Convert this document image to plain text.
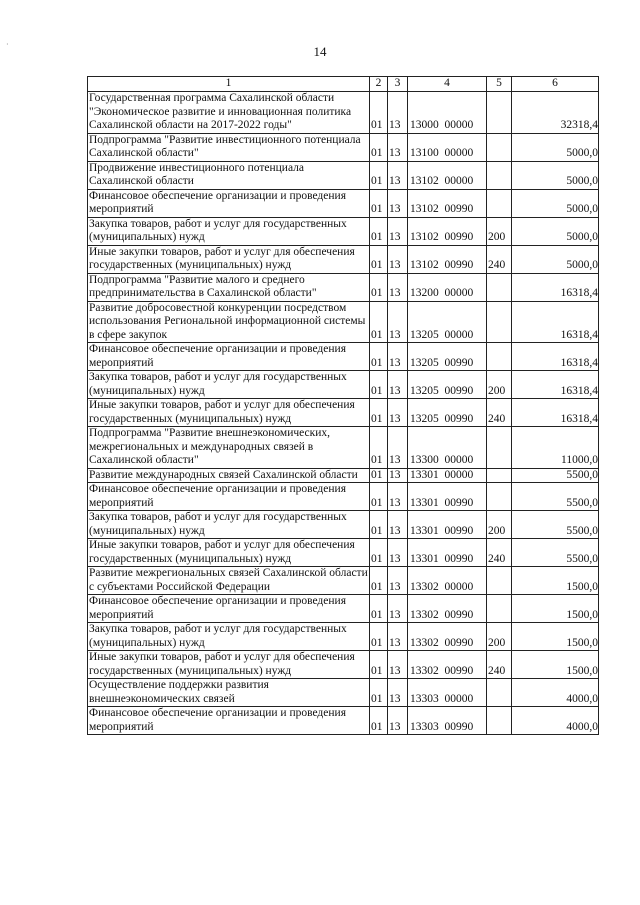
·	14
1	2	3	4	5	6
Государственная программа Сахалинской области "Экономическое развитие и инновационная политика Сахалинской области на 2017-2022 годы"	01	13	13000  00000		32318,4
Подпрограмма "Развитие инвестиционного потенциала Сахалинской области"	01	13	13100  00000		5000,0
Продвижение инвестиционного потенциала Сахалинской области	01	13	13102  00000		5000,0
Финансовое обеспечение организации и проведения мероприятий	01	13	13102  00990		5000,0
Закупка товаров, работ и услуг для государственных (муниципальных) нужд	01	13	13102  00990	200	5000,0
Иные закупки товаров, работ и услуг для обеспечения государственных (муниципальных) нужд	01	13	13102  00990	240	5000,0
Подпрограмма "Развитие малого и среднего предпринимательства в Сахалинской области"	01	13	13200  00000		16318,4
Развитие добросовестной конкуренции посредством использования Региональной информационной системы в сфере закупок	01	13	13205  00000		16318,4
Финансовое обеспечение организации и проведения мероприятий	01	13	13205  00990		16318,4
Закупка товаров, работ и услуг для государственных (муниципальных) нужд	01	13	13205  00990	200	16318,4
Иные закупки товаров, работ и услуг для обеспечения государственных (муниципальных) нужд	01	13	13205  00990	240	16318,4
Подпрограмма "Развитие внешнеэкономических, межрегиональных и международных связей в Сахалинской области"	01	13	13300  00000		11000,0
Развитие международных связей Сахалинской области	01	13	13301  00000		5500,0
Финансовое обеспечение организации и проведения мероприятий	01	13	13301  00990		5500,0
Закупка товаров, работ и услуг для государственных (муниципальных) нужд	01	13	13301  00990	200	5500,0
Иные закупки товаров, работ и услуг для обеспечения государственных (муниципальных) нужд	01	13	13301  00990	240	5500,0
Развитие межрегиональных связей Сахалинской области с субъектами Российской Федерации	01	13	13302  00000		1500,0
Финансовое обеспечение организации и проведения мероприятий	01	13	13302  00990		1500,0
Закупка товаров, работ и услуг для государственных (муниципальных) нужд	01	13	13302  00990	200	1500,0
Иные закупки товаров, работ и услуг для обеспечения государственных (муниципальных) нужд	01	13	13302  00990	240	1500,0
Осуществление поддержки развития внешнеэкономических связей	01	13	13303  00000		4000,0
Финансовое обеспечение организации и проведения мероприятий	01	13	13303  00990		4000,0
